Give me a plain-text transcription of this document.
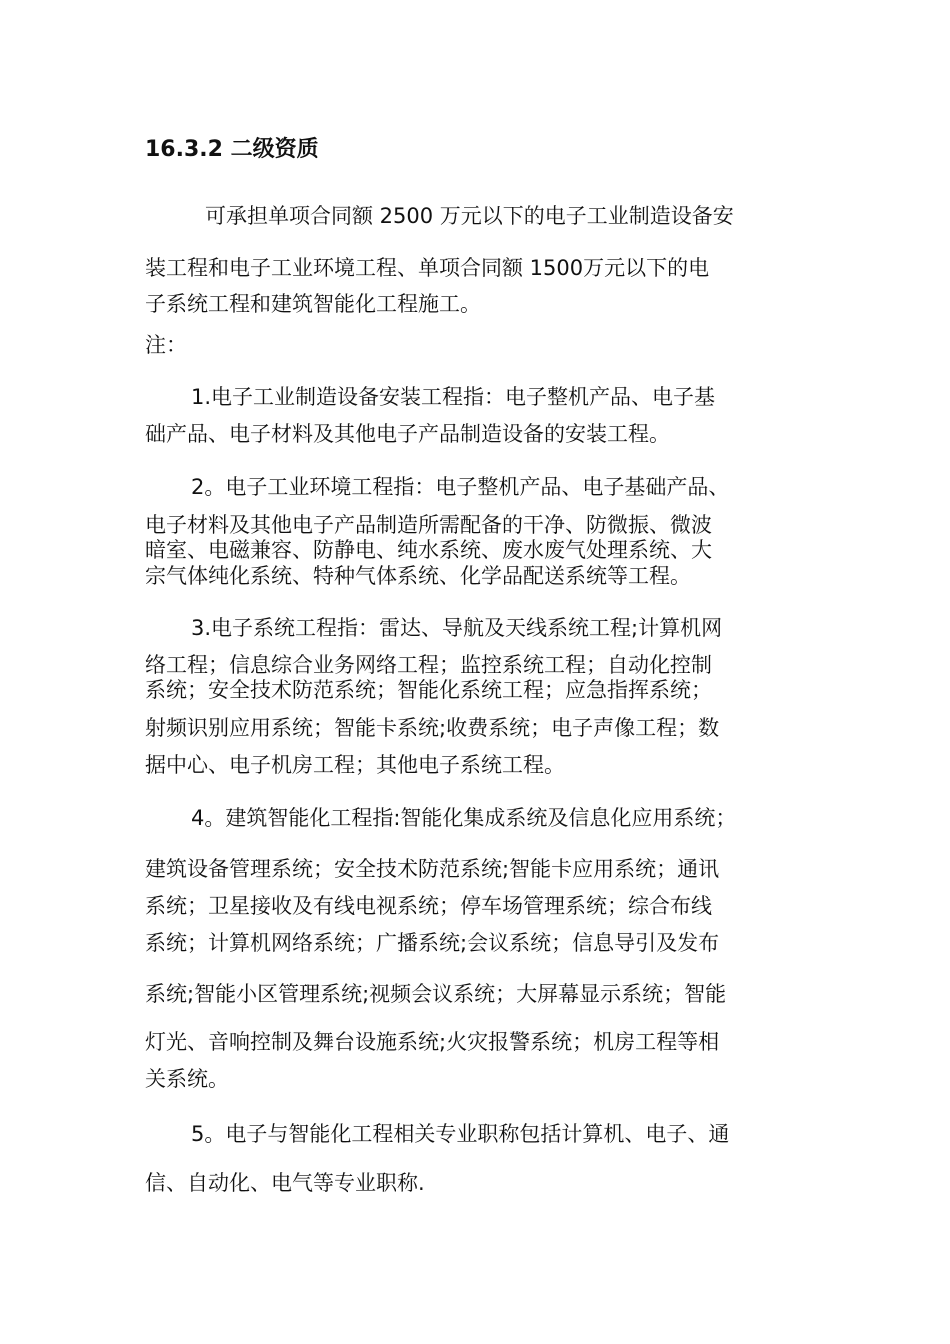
16.3.2 二级资质
可承担单项合同额 2500 万元以下的电子工业制造设备安
装工程和电子工业环境工程、单项合同额 1500万元以下的电
子系统工程和建筑智能化工程施工。
注：
1.电子工业制造设备安装工程指：电子整机产品、电子基
础产品、电子材料及其他电子产品制造设备的安装工程。
2。电子工业环境工程指：电子整机产品、电子基础产品、
电子材料及其他电子产品制造所需配备的干净、防微振、微波
暗室、电磁兼容、防静电、纯水系统、废水废气处理系统、大
宗气体纯化系统、特种气体系统、化学品配送系统等工程。
3.电子系统工程指：雷达、导航及天线系统工程;计算机网
络工程；信息综合业务网络工程；监控系统工程；自动化控制
系统；安全技术防范系统；智能化系统工程；应急指挥系统；
射频识别应用系统；智能卡系统;收费系统；电子声像工程；数
据中心、电子机房工程；其他电子系统工程。
4。建筑智能化工程指:智能化集成系统及信息化应用系统；
建筑设备管理系统；安全技术防范系统;智能卡应用系统；通讯
系统；卫星接收及有线电视系统；停车场管理系统；综合布线
系统；计算机网络系统；广播系统;会议系统；信息导引及发布
系统;智能小区管理系统;视频会议系统；大屏幕显示系统；智能
灯光、音响控制及舞台设施系统;火灾报警系统；机房工程等相
关系统。
5。电子与智能化工程相关专业职称包括计算机、电子、通
信、自动化、电气等专业职称.
